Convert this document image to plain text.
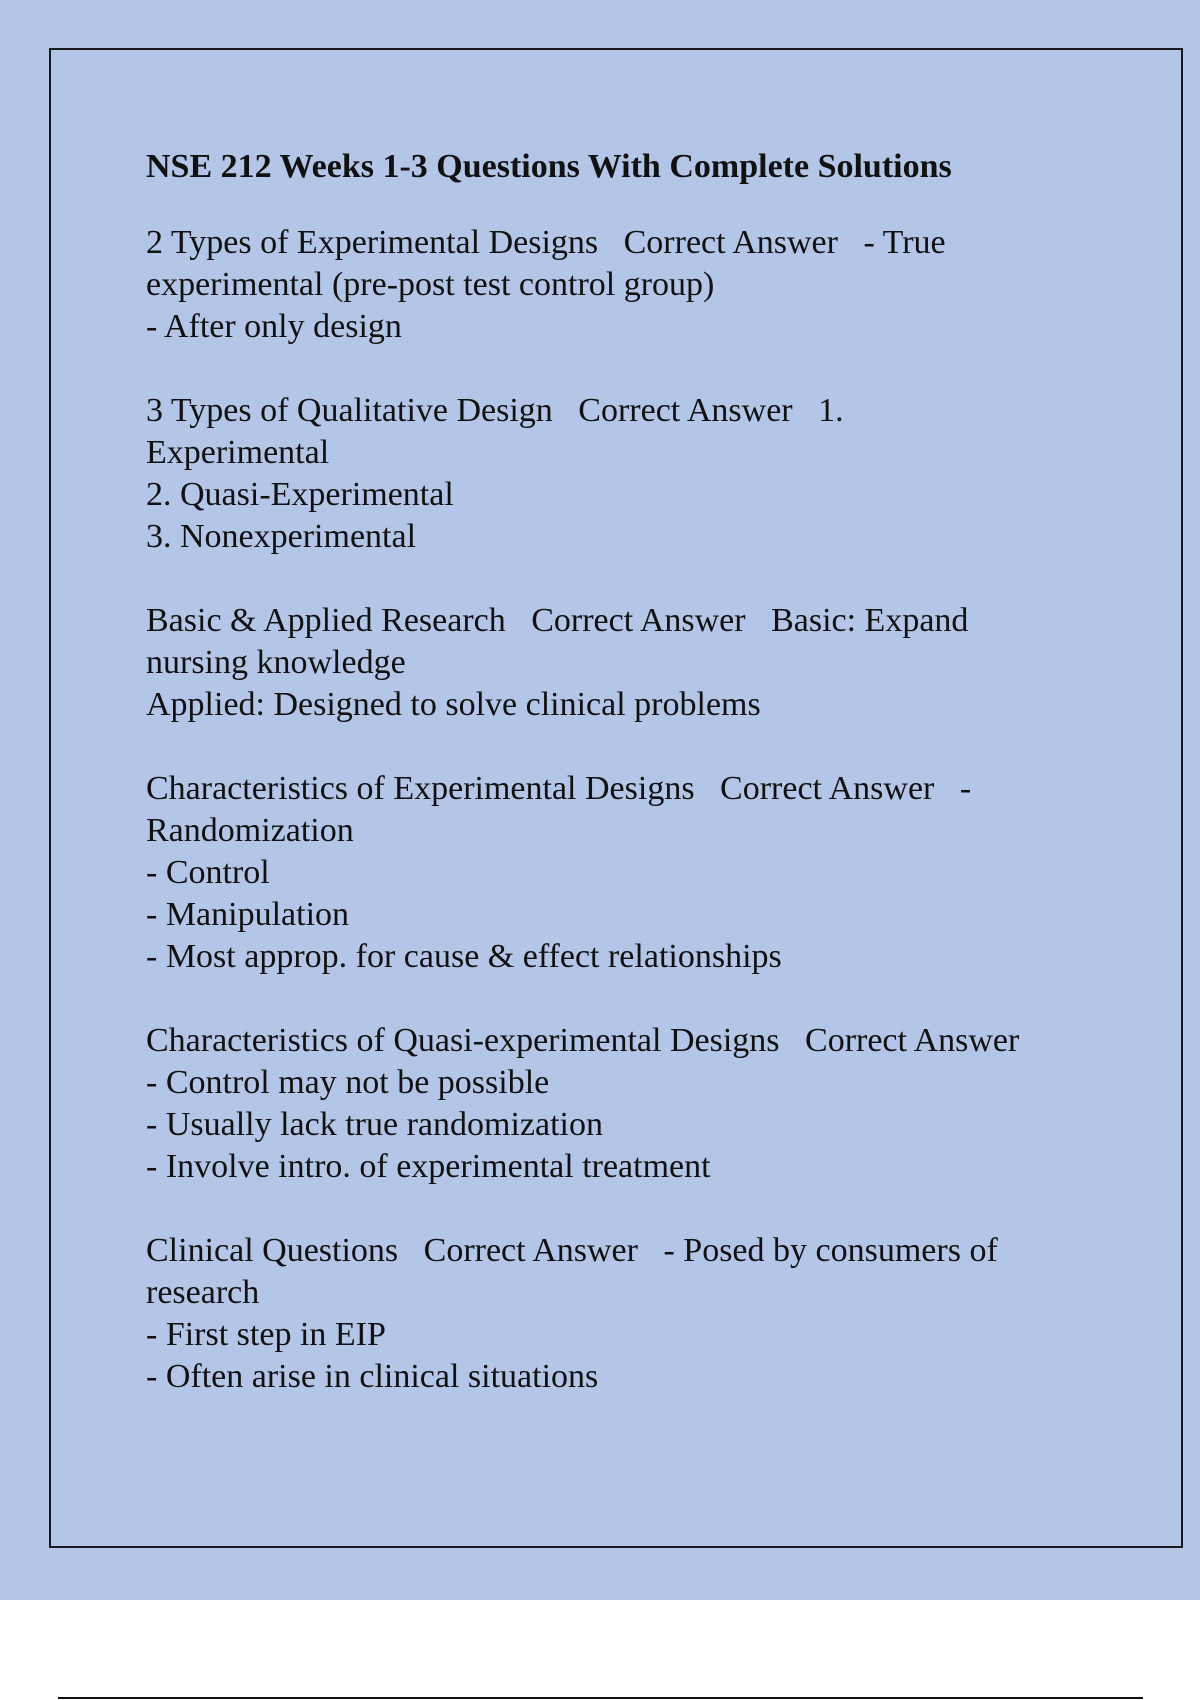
NSE 212 Weeks 1-3 Questions With Complete Solutions
2 Types of Experimental Designs   Correct Answer   - True
experimental (pre-post test control group)
- After only design
3 Types of Qualitative Design   Correct Answer   1.
Experimental
2. Quasi-Experimental
3. Nonexperimental
Basic & Applied Research   Correct Answer   Basic: Expand
nursing knowledge
Applied: Designed to solve clinical problems
Characteristics of Experimental Designs   Correct Answer   -
Randomization
- Control
- Manipulation
- Most approp. for cause & effect relationships
Characteristics of Quasi-experimental Designs   Correct Answer
- Control may not be possible
- Usually lack true randomization
- Involve intro. of experimental treatment
Clinical Questions   Correct Answer   - Posed by consumers of
research
- First step in EIP
- Often arise in clinical situations
